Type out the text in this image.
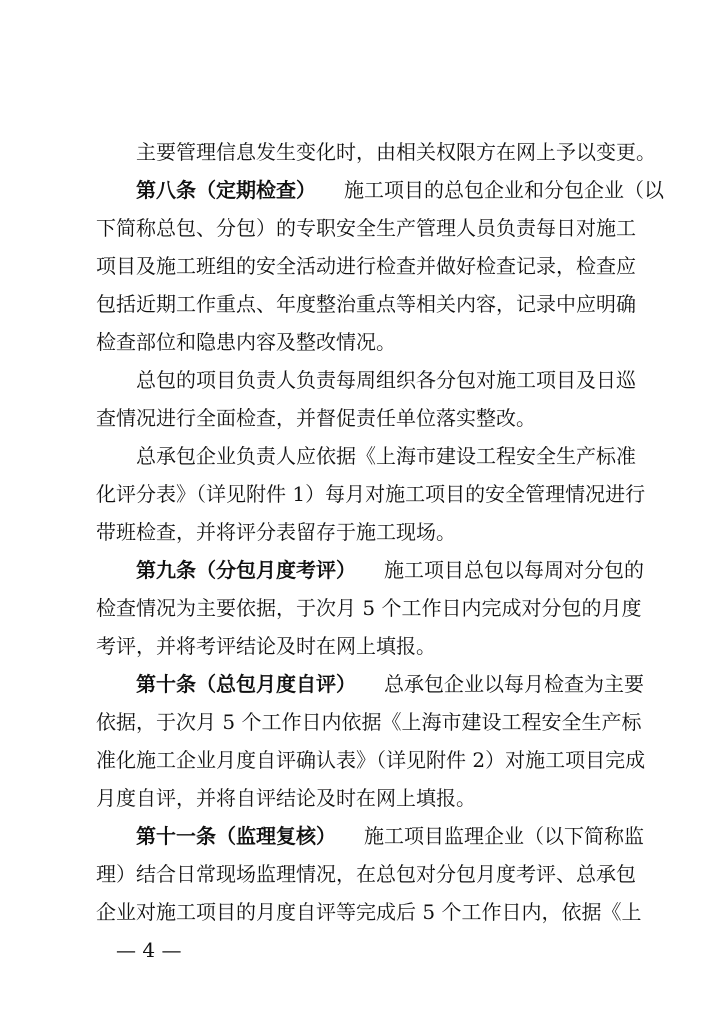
主要管理信息发生变化时，由相关权限方在网上予以变更。
第八条（定期检查） 施工项目的总包企业和分包企业（以
下简称总包、分包）的专职安全生产管理人员负责每日对施工
项目及施工班组的安全活动进行检查并做好检查记录，检查应
包括近期工作重点、年度整治重点等相关内容，记录中应明确
检查部位和隐患内容及整改情况。
总包的项目负责人负责每周组织各分包对施工项目及日巡
查情况进行全面检查，并督促责任单位落实整改。
总承包企业负责人应依据《上海市建设工程安全生产标准
化评分表》（详见附件 1）每月对施工项目的安全管理情况进行
带班检查，并将评分表留存于施工现场。
第九条（分包月度考评） 施工项目总包以每周对分包的
检查情况为主要依据，于次月 5 个工作日内完成对分包的月度
考评，并将考评结论及时在网上填报。
第十条（总包月度自评） 总承包企业以每月检查为主要
依据，于次月 5 个工作日内依据《上海市建设工程安全生产标
准化施工企业月度自评确认表》（详见附件 2）对施工项目完成
月度自评，并将自评结论及时在网上填报。
第十一条（监理复核） 施工项目监理企业（以下简称监
理）结合日常现场监理情况，在总包对分包月度考评、总承包
企业对施工项目的月度自评等完成后 5 个工作日内，依据《上
— 4 —
